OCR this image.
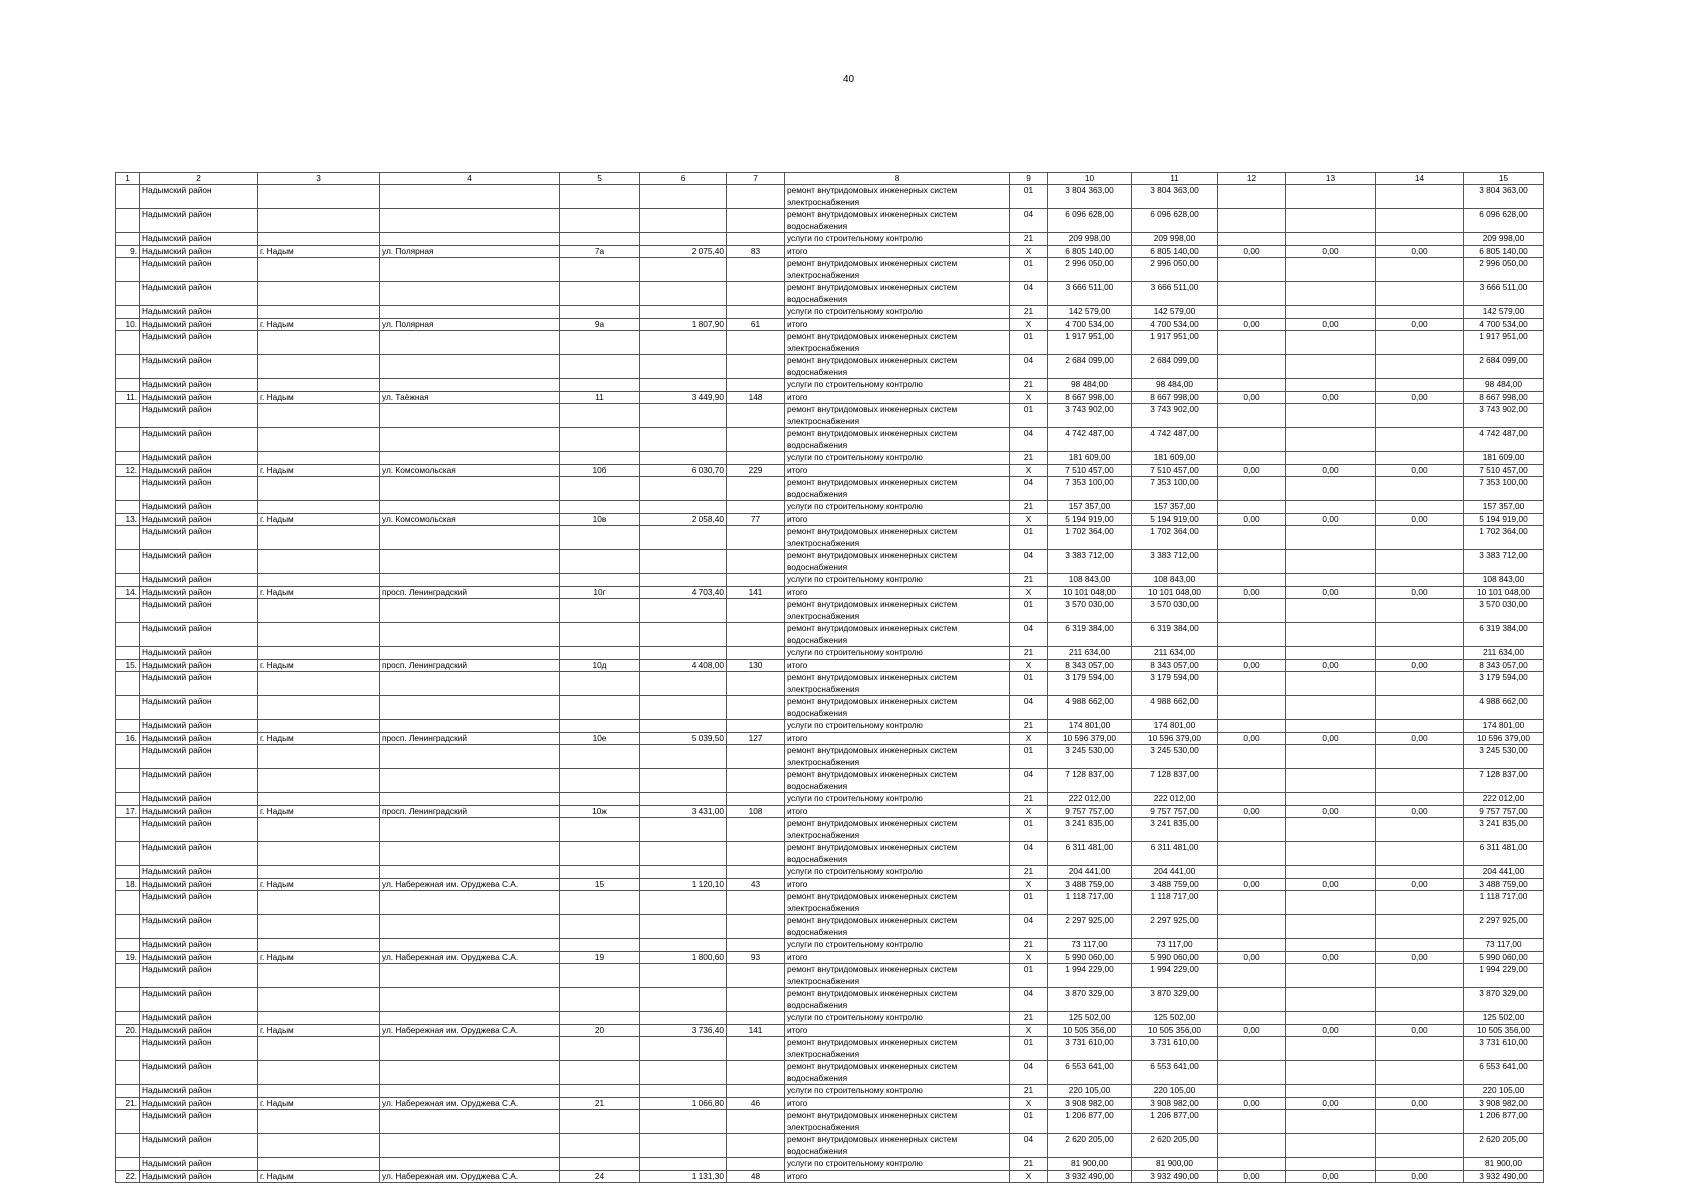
40
1	2	3	4	5	6	7	8	9	10	11	12	13	14	15
	Надымский район						ремонт внутридомовых инженерных систем электроснабжения	01	3 804 363,00	3 804 363,00				3 804 363,00
	Надымский район						ремонт внутридомовых инженерных систем водоснабжения	04	6 096 628,00	6 096 628,00				6 096 628,00
	Надымский район						услуги по строительному контролю	21	209 998,00	209 998,00				209 998,00
9.	Надымский район	г. Надым	ул. Полярная	7а	2 075,40	83	итого	X	6 805 140,00	6 805 140,00	0,00	0,00	0,00	6 805 140,00
	Надымский район						ремонт внутридомовых инженерных систем электроснабжения	01	2 996 050,00	2 996 050,00				2 996 050,00
	Надымский район						ремонт внутридомовых инженерных систем водоснабжения	04	3 666 511,00	3 666 511,00				3 666 511,00
	Надымский район						услуги по строительному контролю	21	142 579,00	142 579,00				142 579,00
10.	Надымский район	г. Надым	ул. Полярная	9а	1 807,90	61	итого	X	4 700 534,00	4 700 534,00	0,00	0,00	0,00	4 700 534,00
	Надымский район						ремонт внутридомовых инженерных систем электроснабжения	01	1 917 951,00	1 917 951,00				1 917 951,00
	Надымский район						ремонт внутридомовых инженерных систем водоснабжения	04	2 684 099,00	2 684 099,00				2 684 099,00
	Надымский район						услуги по строительному контролю	21	98 484,00	98 484,00				98 484,00
11.	Надымский район	г. Надым	ул. Таёжная	11	3 449,90	148	итого	X	8 667 998,00	8 667 998,00	0,00	0,00	0,00	8 667 998,00
	Надымский район						ремонт внутридомовых инженерных систем электроснабжения	01	3 743 902,00	3 743 902,00				3 743 902,00
	Надымский район						ремонт внутридомовых инженерных систем водоснабжения	04	4 742 487,00	4 742 487,00				4 742 487,00
	Надымский район						услуги по строительному контролю	21	181 609,00	181 609,00				181 609,00
12.	Надымский район	г. Надым	ул. Комсомольская	10б	6 030,70	229	итого	X	7 510 457,00	7 510 457,00	0,00	0,00	0,00	7 510 457,00
	Надымский район						ремонт внутридомовых инженерных систем водоснабжения	04	7 353 100,00	7 353 100,00				7 353 100,00
	Надымский район						услуги по строительному контролю	21	157 357,00	157 357,00				157 357,00
13.	Надымский район	г. Надым	ул. Комсомольская	10в	2 058,40	77	итого	X	5 194 919,00	5 194 919,00	0,00	0,00	0,00	5 194 919,00
	Надымский район						ремонт внутридомовых инженерных систем электроснабжения	01	1 702 364,00	1 702 364,00				1 702 364,00
	Надымский район						ремонт внутридомовых инженерных систем водоснабжения	04	3 383 712,00	3 383 712,00				3 383 712,00
	Надымский район						услуги по строительному контролю	21	108 843,00	108 843,00				108 843,00
14.	Надымский район	г. Надым	просп. Ленинградский	10г	4 703,40	141	итого	X	10 101 048,00	10 101 048,00	0,00	0,00	0,00	10 101 048,00
	Надымский район						ремонт внутридомовых инженерных систем электроснабжения	01	3 570 030,00	3 570 030,00				3 570 030,00
	Надымский район						ремонт внутридомовых инженерных систем водоснабжения	04	6 319 384,00	6 319 384,00				6 319 384,00
	Надымский район						услуги по строительному контролю	21	211 634,00	211 634,00				211 634,00
15.	Надымский район	г. Надым	просп. Ленинградский	10д	4 408,00	130	итого	X	8 343 057,00	8 343 057,00	0,00	0,00	0,00	8 343 057,00
	Надымский район						ремонт внутридомовых инженерных систем электроснабжения	01	3 179 594,00	3 179 594,00				3 179 594,00
	Надымский район						ремонт внутридомовых инженерных систем водоснабжения	04	4 988 662,00	4 988 662,00				4 988 662,00
	Надымский район						услуги по строительному контролю	21	174 801,00	174 801,00				174 801,00
16.	Надымский район	г. Надым	просп. Ленинградский	10е	5 039,50	127	итого	X	10 596 379,00	10 596 379,00	0,00	0,00	0,00	10 596 379,00
	Надымский район						ремонт внутридомовых инженерных систем электроснабжения	01	3 245 530,00	3 245 530,00				3 245 530,00
	Надымский район						ремонт внутридомовых инженерных систем водоснабжения	04	7 128 837,00	7 128 837,00				7 128 837,00
	Надымский район						услуги по строительному контролю	21	222 012,00	222 012,00				222 012,00
17.	Надымский район	г. Надым	просп. Ленинградский	10ж	3 431,00	108	итого	X	9 757 757,00	9 757 757,00	0,00	0,00	0,00	9 757 757,00
	Надымский район						ремонт внутридомовых инженерных систем электроснабжения	01	3 241 835,00	3 241 835,00				3 241 835,00
	Надымский район						ремонт внутридомовых инженерных систем водоснабжения	04	6 311 481,00	6 311 481,00				6 311 481,00
	Надымский район						услуги по строительному контролю	21	204 441,00	204 441,00				204 441,00
18.	Надымский район	г. Надым	ул. Набережная им. Оруджева С.А.	15	1 120,10	43	итого	X	3 488 759,00	3 488 759,00	0,00	0,00	0,00	3 488 759,00
	Надымский район						ремонт внутридомовых инженерных систем электроснабжения	01	1 118 717,00	1 118 717,00				1 118 717,00
	Надымский район						ремонт внутридомовых инженерных систем водоснабжения	04	2 297 925,00	2 297 925,00				2 297 925,00
	Надымский район						услуги по строительному контролю	21	73 117,00	73 117,00				73 117,00
19.	Надымский район	г. Надым	ул. Набережная им. Оруджева С.А.	19	1 800,60	93	итого	X	5 990 060,00	5 990 060,00	0,00	0,00	0,00	5 990 060,00
	Надымский район						ремонт внутридомовых инженерных систем электроснабжения	01	1 994 229,00	1 994 229,00				1 994 229,00
	Надымский район						ремонт внутридомовых инженерных систем водоснабжения	04	3 870 329,00	3 870 329,00				3 870 329,00
	Надымский район						услуги по строительному контролю	21	125 502,00	125 502,00				125 502,00
20.	Надымский район	г. Надым	ул. Набережная им. Оруджева С.А.	20	3 736,40	141	итого	X	10 505 356,00	10 505 356,00	0,00	0,00	0,00	10 505 356,00
	Надымский район						ремонт внутридомовых инженерных систем электроснабжения	01	3 731 610,00	3 731 610,00				3 731 610,00
	Надымский район						ремонт внутридомовых инженерных систем водоснабжения	04	6 553 641,00	6 553 641,00				6 553 641,00
	Надымский район						услуги по строительному контролю	21	220 105,00	220 105,00				220 105,00
21.	Надымский район	г. Надым	ул. Набережная им. Оруджева С.А.	21	1 066,80	46	итого	X	3 908 982,00	3 908 982,00	0,00	0,00	0,00	3 908 982,00
	Надымский район						ремонт внутридомовых инженерных систем электроснабжения	01	1 206 877,00	1 206 877,00				1 206 877,00
	Надымский район						ремонт внутридомовых инженерных систем водоснабжения	04	2 620 205,00	2 620 205,00				2 620 205,00
	Надымский район						услуги по строительному контролю	21	81 900,00	81 900,00				81 900,00
22.	Надымский район	г. Надым	ул. Набережная им. Оруджева С.А.	24	1 131,30	48	итого	X	3 932 490,00	3 932 490,00	0,00	0,00	0,00	3 932 490,00
